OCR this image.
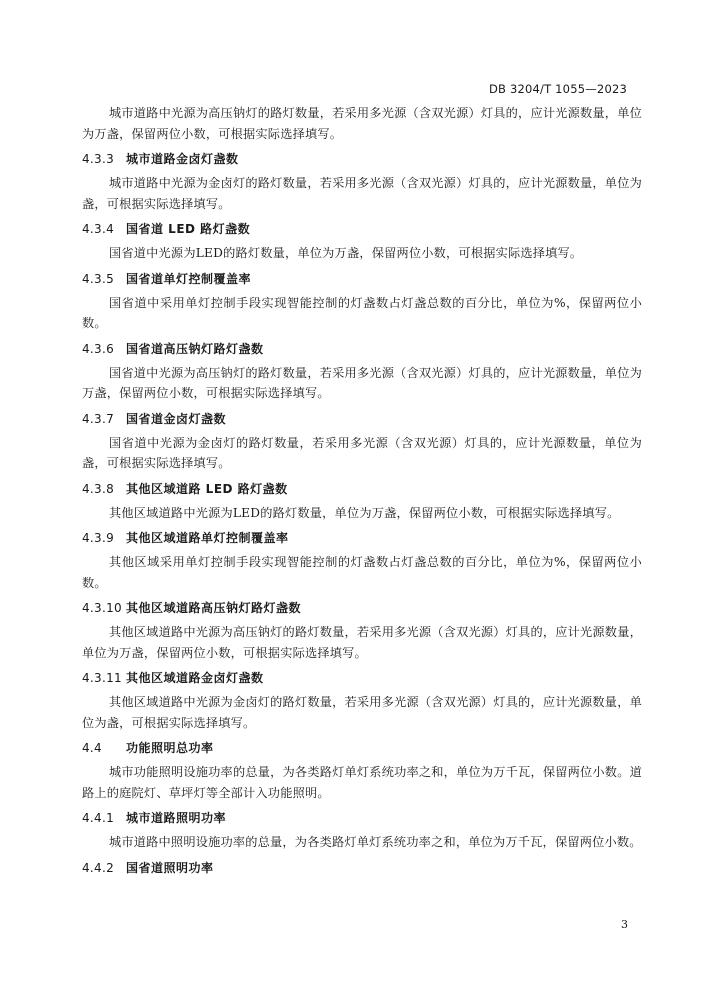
DB 3204/T 1055—2023

城市道路中光源为高压钠灯的路灯数量，若采用多光源（含双光源）灯具的，应计光源数量，单位为万盏，保留两位小数，可根据实际选择填写。

4.3.3 城市道路金卤灯盏数

城市道路中光源为金卤灯的路灯数量，若采用多光源（含双光源）灯具的，应计光源数量，单位为盏，可根据实际选择填写。

4.3.4 国省道 LED 路灯盏数

国省道中光源为LED的路灯数量，单位为万盏，保留两位小数，可根据实际选择填写。

4.3.5 国省道单灯控制覆盖率

国省道中采用单灯控制手段实现智能控制的灯盏数占灯盏总数的百分比，单位为%，保留两位小数。

4.3.6 国省道高压钠灯路灯盏数

国省道中光源为高压钠灯的路灯数量，若采用多光源（含双光源）灯具的，应计光源数量，单位为万盏，保留两位小数，可根据实际选择填写。

4.3.7 国省道金卤灯盏数

国省道中光源为金卤灯的路灯数量，若采用多光源（含双光源）灯具的，应计光源数量，单位为盏，可根据实际选择填写。

4.3.8 其他区域道路 LED 路灯盏数

其他区域道路中光源为LED的路灯数量，单位为万盏，保留两位小数，可根据实际选择填写。

4.3.9 其他区域道路单灯控制覆盖率

其他区域采用单灯控制手段实现智能控制的灯盏数占灯盏总数的百分比，单位为%，保留两位小数。

4.3.10 其他区域道路高压钠灯路灯盏数

其他区域道路中光源为高压钠灯的路灯数量，若采用多光源（含双光源）灯具的，应计光源数量，单位为万盏，保留两位小数，可根据实际选择填写。

4.3.11 其他区域道路金卤灯盏数

其他区域道路中光源为金卤灯的路灯数量，若采用多光源（含双光源）灯具的，应计光源数量，单位为盏，可根据实际选择填写。

4.4	功能照明总功率

城市功能照明设施功率的总量，为各类路灯单灯系统功率之和，单位为万千瓦，保留两位小数。道路上的庭院灯、草坪灯等全部计入功能照明。

4.4.1 城市道路照明功率

城市道路中照明设施功率的总量，为各类路灯单灯系统功率之和，单位为万千瓦，保留两位小数。

4.4.2 国省道照明功率

3
